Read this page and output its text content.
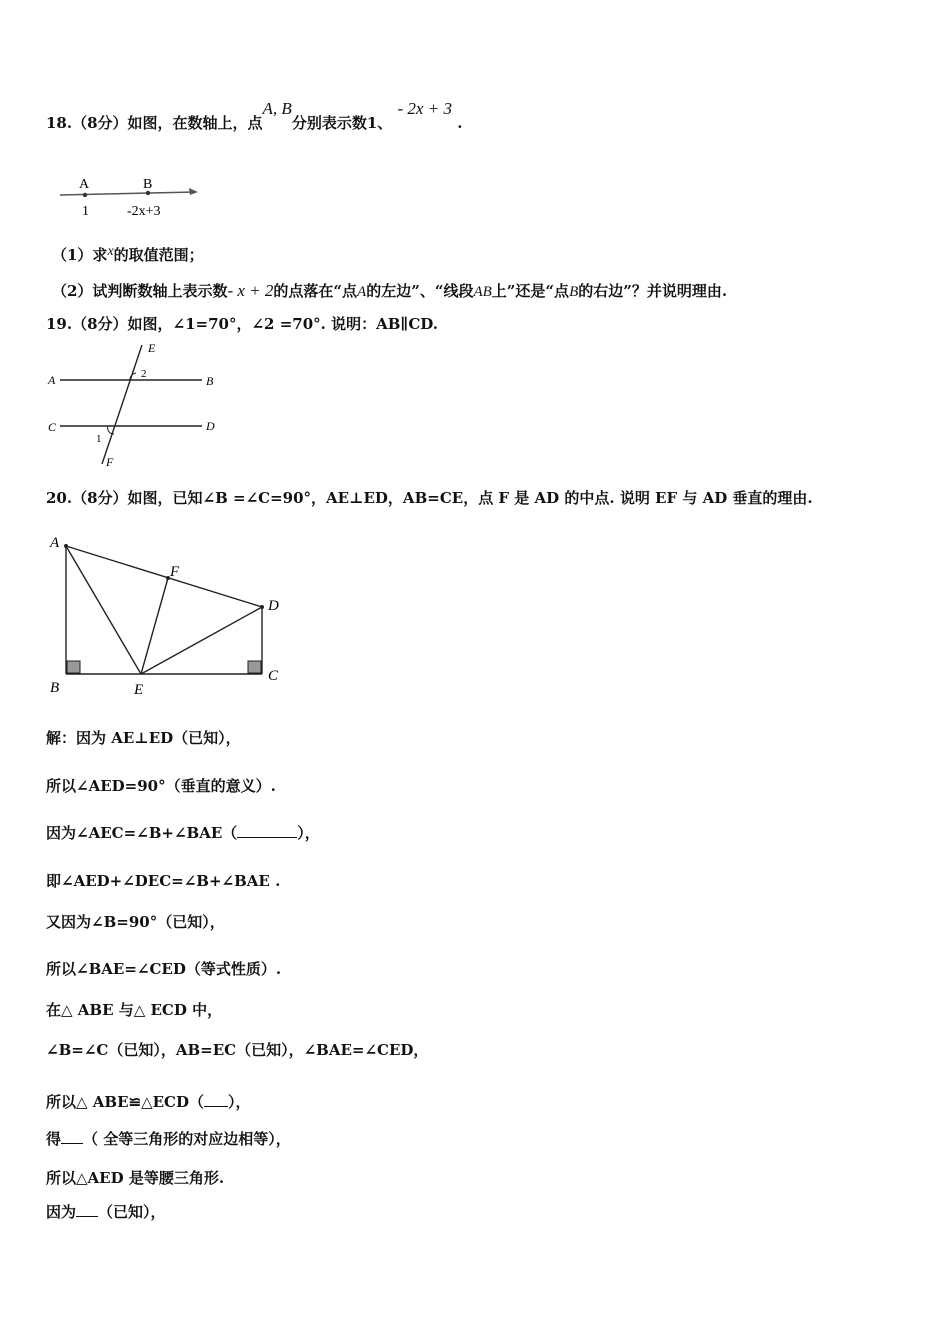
18.（8分）如图，在数轴上，点A, B分别表示数1、 - 2x + 3 .
A	B
1	-2x+3
（1）求x的取值范围；
（2）试判断数轴上表示数- x + 2的点落在“点A的左边”、“线段AB上”还是“点B的右边”？并说明理由.
19.（8分）如图，∠1=70°，∠2 =70°. 说明：AB∥CD.
A	B
C	D
E
F
2
1
20.（8分）如图，已知∠B =∠C=90°，AE⊥ED，AB=CE，点 F 是 AD 的中点. 说明 EF 与 AD 垂直的理由.
A
F
D
B	E
C
解：因为 AE⊥ED（已知），
所以∠AED=90°（垂直的意义）.
因为∠AEC=∠B+∠BAE（	），
即∠AED+∠DEC=∠B+∠BAE .
又因为∠B=90°（已知），
所以∠BAE=∠CED（等式性质）.
在△ ABE 与△ ECD 中，
∠B=∠C（已知），AB=EC（已知），∠BAE=∠CED，
所以△ ABE≌△ECD（ ），
得 （ 全等三角形的对应边相等），
所以△AED 是等腰三角形.
因为 （已知），
